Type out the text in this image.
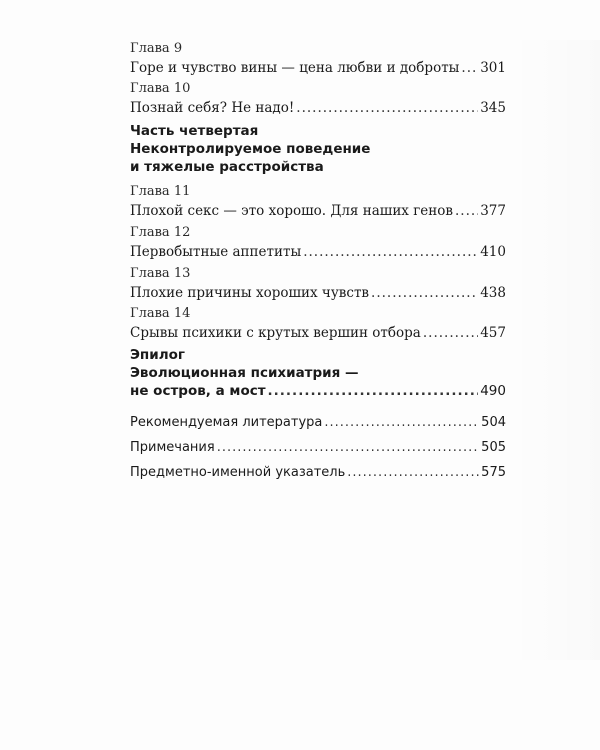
Глава 9
Горе и чувство вины — цена любви и доброты ..... 301
Глава 10
Познай себя? Не надо! .....	345
Часть четвертая
Неконтролируемое поведение
и тяжелые расстройства
Глава 11
Плохой секс — это хорошо. Для наших генов ..... 377
Глава 12
Первобытные аппетиты .....	410
Глава 13
Плохие причины хороших чувств .....	438
Глава 14
Срывы психики с крутых вершин отбора .....	457
Эпилог
Эволюционная психиатрия —
не остров, а мост .....	490
Рекомендуемая литература .....	504
Примечания .....	505
Предметно-именной указатель .....	575
